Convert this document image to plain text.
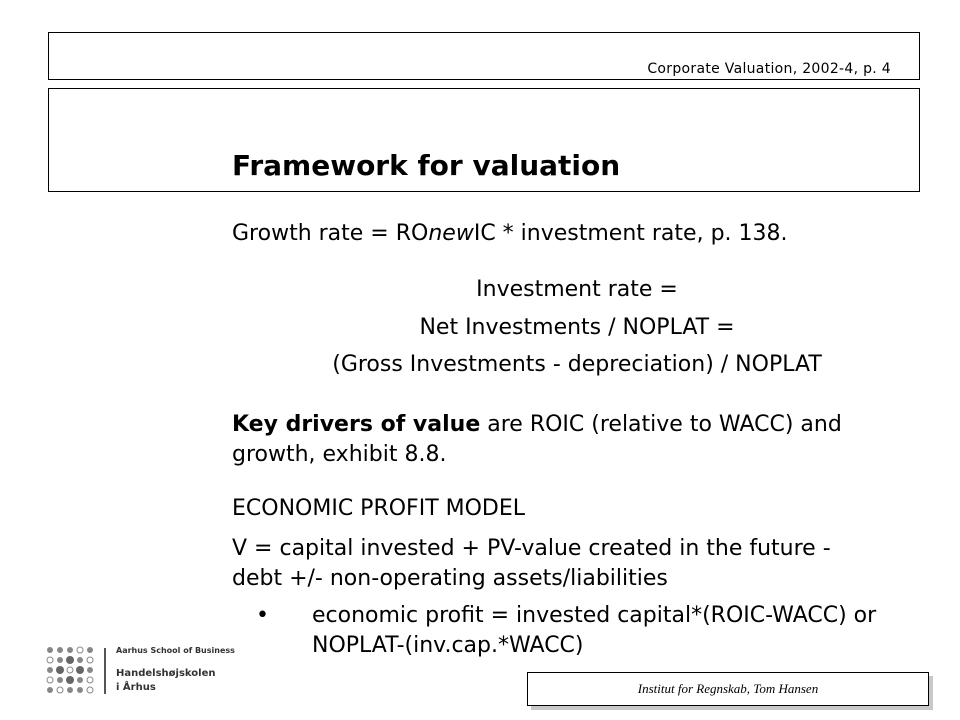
Corporate Valuation, 2002-4, p. 4
Framework for valuation
Growth rate = ROnewIC * investment rate, p. 138.
Investment rate =
Net Investments / NOPLAT =
(Gross Investments - depreciation) / NOPLAT
Key drivers of value are ROIC (relative to WACC) and growth, exhibit 8.8.
ECONOMIC PROFIT MODEL
V = capital invested + PV-value created in the future - debt +/- non-operating assets/liabilities
• economic profit = invested capital*(ROIC-WACC) or NOPLAT-(inv.cap.*WACC)
Aarhus School of Business
Handelshøjskolen
i Århus	Institut for Regnskab, Tom Hansen
